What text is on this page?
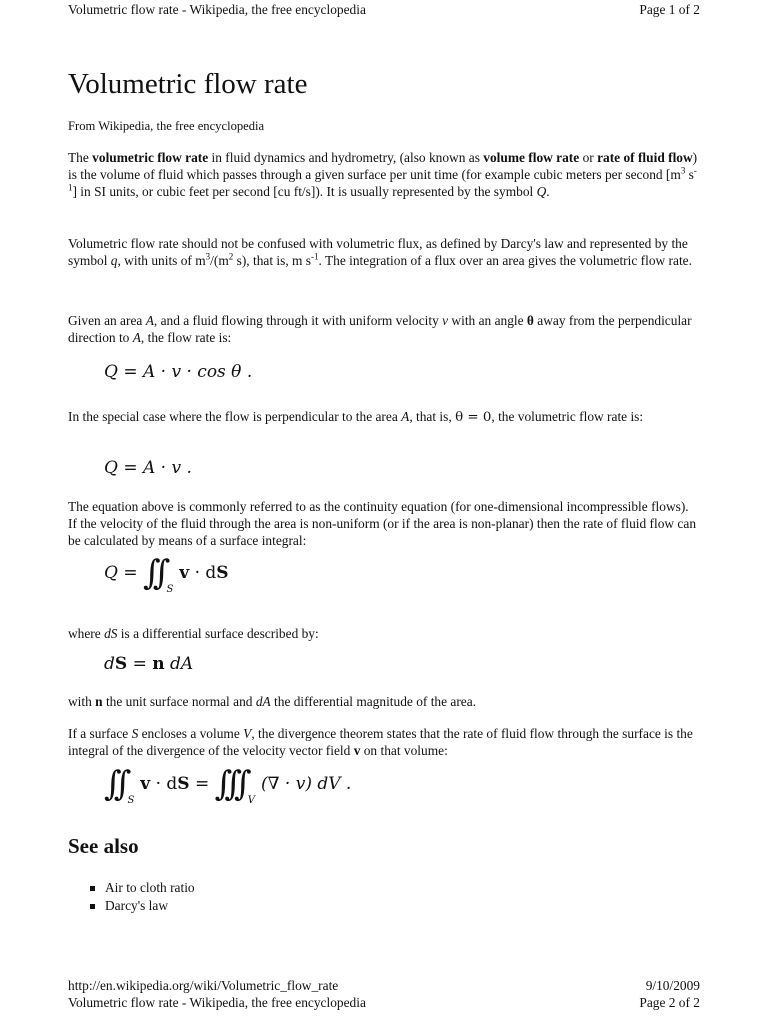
Volumetric flow rate - Wikipedia, the free encyclopedia	Page 1 of 2
Volumetric flow rate
From Wikipedia, the free encyclopedia

The volumetric flow rate in fluid dynamics and hydrometry, (also known as volume flow rate or rate of fluid flow) is the volume of fluid which passes through a given surface per unit time (for example cubic meters per second [$m^3$ $s^{-1}$] in SI units, or cubic feet per second [cu ft/s]). It is usually represented by the symbol Q.

Volumetric flow rate should not be confused with volumetric flux, as defined by Darcy's law and represented by the symbol q, with units of $m^3/(m^2$ s), that is, m $s^{-1}$. The integration of a flux over an area gives the volumetric flow rate.

Given an area A, and a fluid flowing through it with uniform velocity v with an angle θ away from the perpendicular direction to A, the flow rate is:

Q = A · v · cos θ .

In the special case where the flow is perpendicular to the area A, that is, θ = 0, the volumetric flow rate is:

Q = A · v .

The equation above is commonly referred to as the continuity equation (for one-dimensional incompressible flows). If the velocity of the fluid through the area is non-uniform (or if the area is non-planar) then the rate of fluid flow can be calculated by means of a surface integral:

Q = ∫∫ $_S$v · dS

where dS is a differential surface described by:

dS = n dA

with n the unit surface normal and dA the differential magnitude of the area.

If a surface S encloses a volume V, the divergence theorem states that the rate of fluid flow through the surface is the integral of the divergence of the velocity vector field v on that volume:

∫∫ $_S$v · dS = ∫∫∫ $_V$(∇ · v) dV .
See also
Air to cloth ratio
Darcy's law
http://en.wikipedia.org/wiki/Volumetric_flow_rate	9/10/2009
Volumetric flow rate - Wikipedia, the free encyclopedia	Page 2 of 2
